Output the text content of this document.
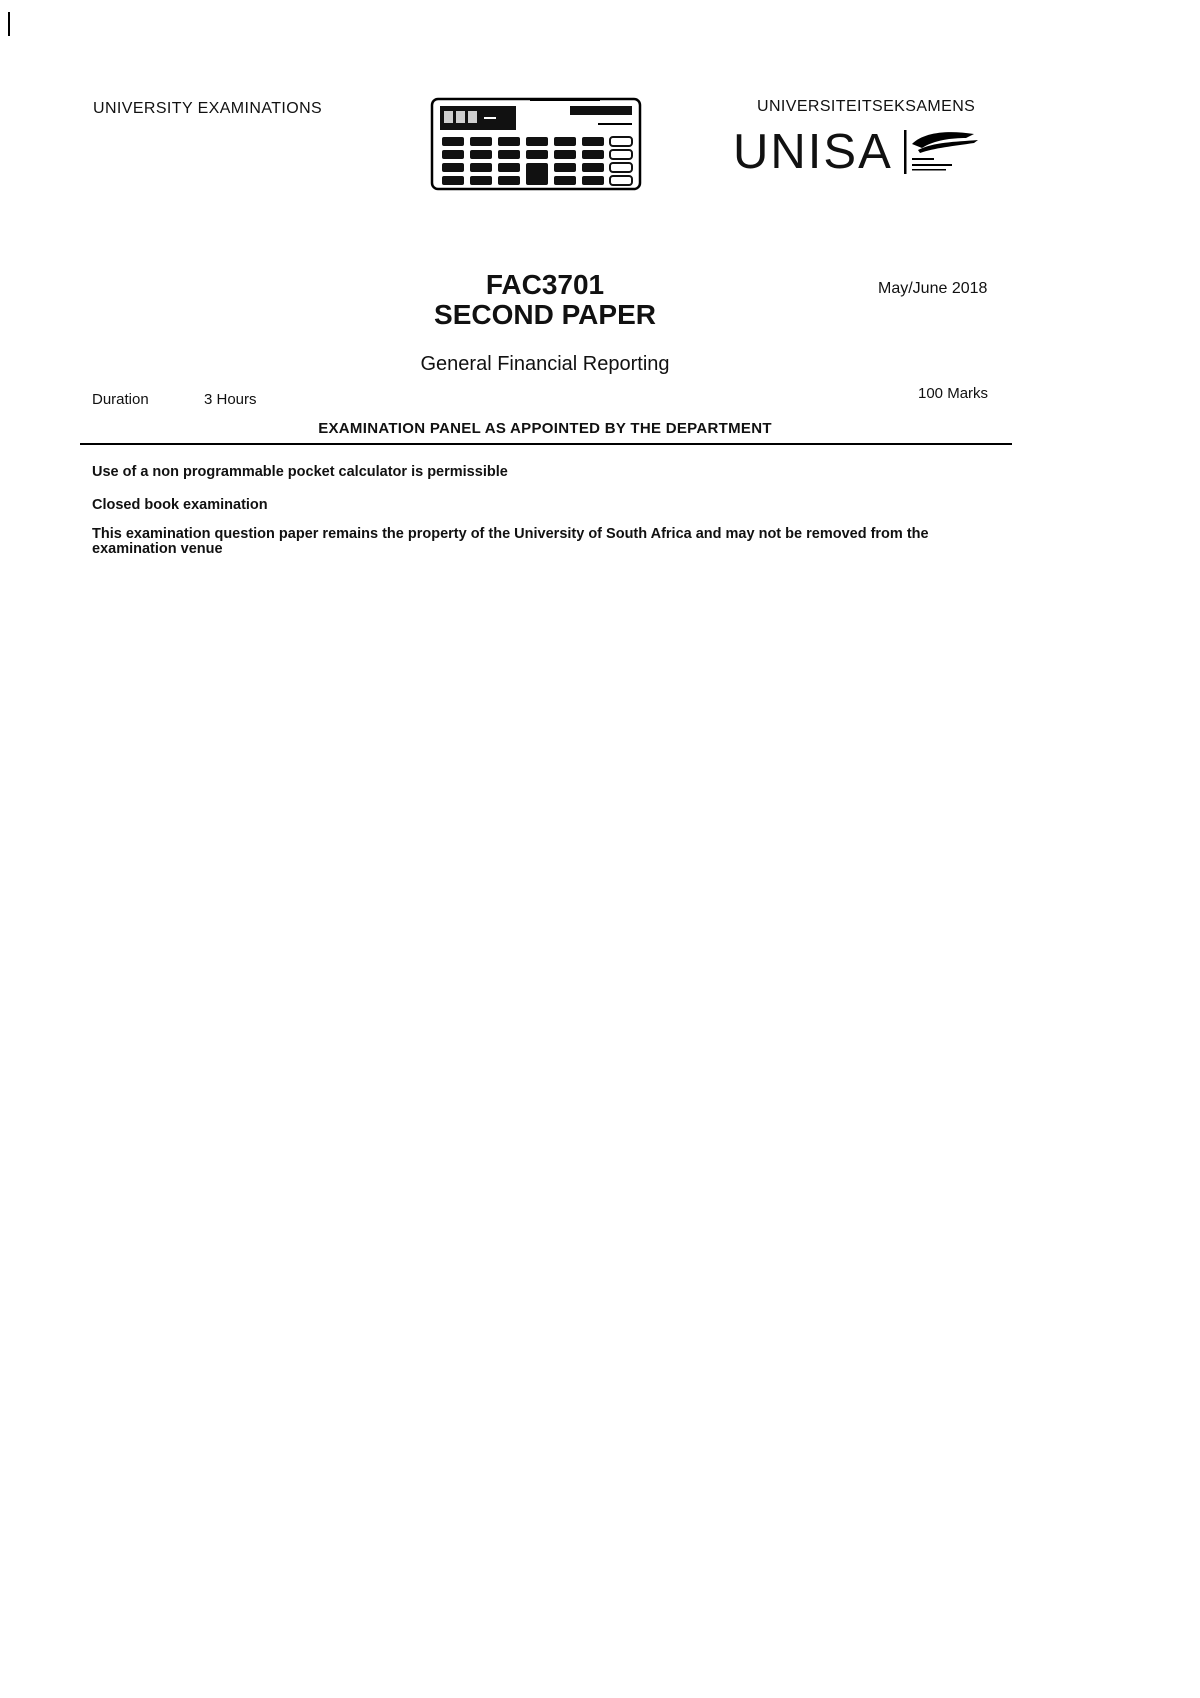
UNIVERSITY EXAMINATIONS	UNIVERSITEITSEKSAMENS
UNISA
FAC3701
SECOND PAPER
May/June 2018
General Financial Reporting
Duration	3 Hours	100 Marks
EXAMINATION PANEL AS APPOINTED BY THE DEPARTMENT
Use of a non programmable pocket calculator is permissible
Closed book examination
This examination question paper remains the property of the University of South Africa and may not be removed from the examination venue
